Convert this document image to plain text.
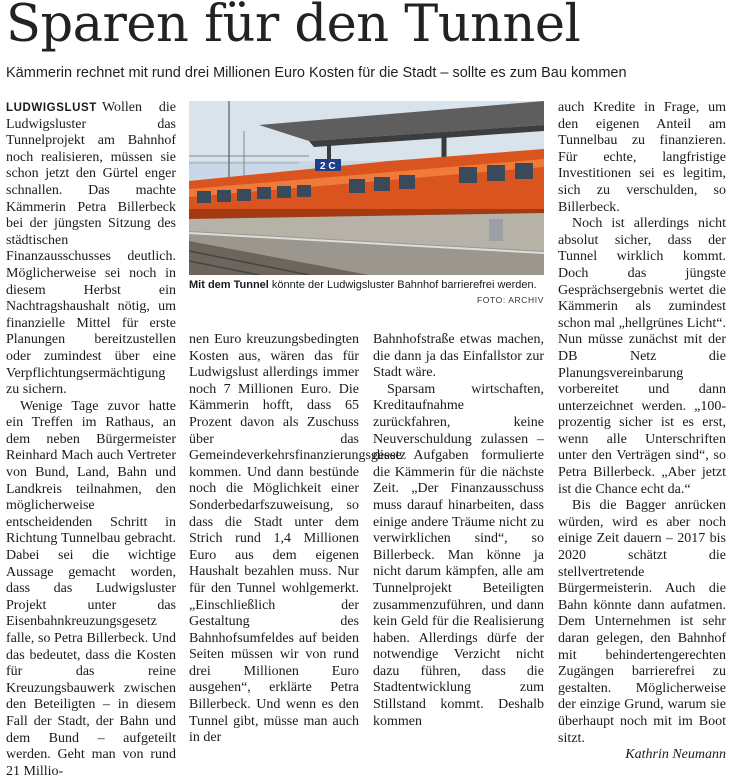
Sparen für den Tunnel

Kämmerin rechnet mit rund drei Millionen Euro Kosten für die Stadt – sollte es zum Bau kommen

LUDWIGSLUST Wollen die Ludwigsluster das Tunnelprojekt am Bahnhof noch realisieren, müssen sie schon jetzt den Gürtel enger schnallen. Das machte Kämmerin Petra Billerbeck bei der jüngsten Sitzung des städtischen Finanzausschusses deutlich. Möglicherweise sei noch in diesem Herbst ein Nachtragshaushalt nötig, um finanzielle Mittel für erste Planungen bereitzustellen oder zumindest über eine Verpflichtungsermächtigung zu sichern.

Wenige Tage zuvor hatte ein Treffen im Rathaus, an dem neben Bürgermeister Reinhard Mach auch Vertreter von Bund, Land, Bahn und Landkreis teilnahmen, den möglicherweise entscheidenden Schritt in Richtung Tunnelbau gebracht. Dabei sei die wichtige Aussage gemacht worden, dass das Ludwigsluster Projekt unter das Eisenbahnkreuzungsgesetz falle, so Petra Billerbeck. Und das bedeutet, dass die Kosten für das reine Kreuzungsbauwerk zwischen den Beteiligten – in diesem Fall der Stadt, der Bahn und dem Bund – aufgeteilt werden. Geht man von rund 21 Millio-

2 C
Mit dem Tunnel könnte der Ludwigsluster Bahnhof barrierefrei werden.
FOTO: ARCHIV

nen Euro kreuzungsbedingten Kosten aus, wären das für Ludwigslust allerdings immer noch 7 Millionen Euro. Die Kämmerin hofft, dass 65 Prozent davon als Zuschuss über das Gemeindeverkehrsfinanzierungsgesetz kommen. Und dann bestünde noch die Möglichkeit einer Sonderbedarfszuweisung, so dass die Stadt unter dem Strich rund 1,4 Millionen Euro aus dem eigenen Haushalt bezahlen muss. Nur für den Tunnel wohlgemerkt. „Einschließlich der Gestaltung des Bahnhofsumfeldes auf beiden Seiten müssen wir von rund drei Millionen Euro ausgehen“, erklärte Petra Billerbeck. Und wenn es den Tunnel gibt, müsse man auch in der

Bahnhofstraße etwas machen, die dann ja das Einfallstor zur Stadt wäre.

Sparsam wirtschaften, Kreditaufnahme zurückfahren, keine Neuverschuldung zulassen – diese Aufgaben formulierte die Kämmerin für die nächste Zeit. „Der Finanzausschuss muss darauf hinarbeiten, dass einige andere Träume nicht zu verwirklichen sind“, so Billerbeck. Man könne ja nicht darum kämpfen, alle am Tunnelprojekt Beteiligten zusammenzuführen, und dann kein Geld für die Realisierung haben. Allerdings dürfe der notwendige Verzicht nicht dazu führen, dass die Stadtentwicklung zum Stillstand kommt. Deshalb kommen

auch Kredite in Frage, um den eigenen Anteil am Tunnelbau zu finanzieren. Für echte, langfristige Investitionen sei es legitim, sich zu verschulden, so Billerbeck.

Noch ist allerdings nicht absolut sicher, dass der Tunnel wirklich kommt. Doch das jüngste Gesprächsergebnis wertet die Kämmerin als zumindest schon mal „hellgrünes Licht“. Nun müsse zunächst mit der DB Netz die Planungsvereinbarung vorbereitet und dann unterzeichnet werden. „100-prozentig sicher ist es erst, wenn alle Unterschriften unter den Verträgen sind“, so Petra Billerbeck. „Aber jetzt ist die Chance echt da.“

Bis die Bagger anrücken würden, wird es aber noch einige Zeit dauern – 2017 bis 2020 schätzt die stellvertretende Bürgermeisterin. Auch die Bahn könnte dann aufatmen. Dem Unternehmen ist sehr daran gelegen, den Bahnhof mit behindertengerechten Zugängen barrierefrei zu gestalten. Möglicherweise der einzige Grund, warum sie überhaupt noch mit im Boot sitzt.

Kathrin Neumann
